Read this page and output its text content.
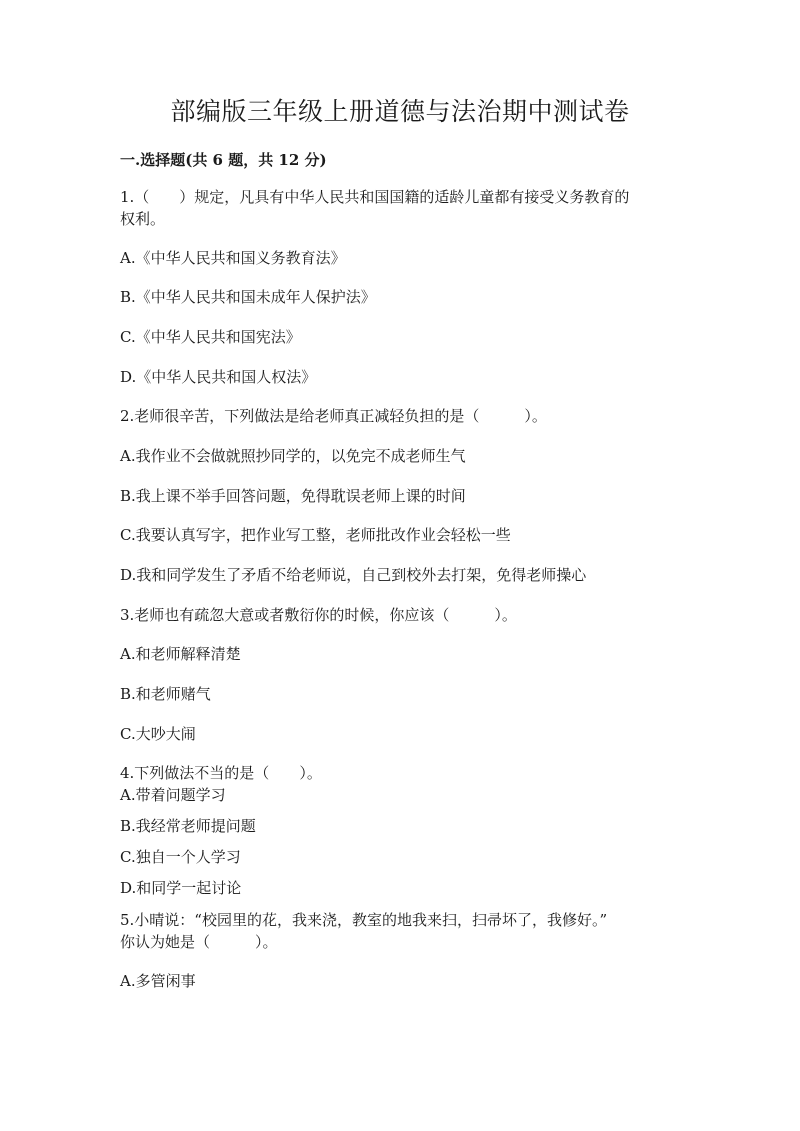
部编版三年级上册道德与法治期中测试卷
一.选择题(共 6 题，共 12 分)
1.（　　）规定，凡具有中华人民共和国国籍的适龄儿童都有接受义务教育的
权利。
A.《中华人民共和国义务教育法》
B.《中华人民共和国未成年人保护法》
C.《中华人民共和国宪法》
D.《中华人民共和国人权法》
2.老师很辛苦，下列做法是给老师真正减轻负担的是（　　　）。
A.我作业不会做就照抄同学的，以免完不成老师生气
B.我上课不举手回答问题，免得耽误老师上课的时间
C.我要认真写字，把作业写工整，老师批改作业会轻松一些
D.我和同学发生了矛盾不给老师说，自己到校外去打架，免得老师操心
3.老师也有疏忽大意或者敷衍你的时候，你应该（　　　）。
A.和老师解释清楚
B.和老师赌气
C.大吵大闹
4.下列做法不当的是（　　）。
A.带着问题学习
B.我经常老师提问题
C.独自一个人学习
D.和同学一起讨论
5.小晴说：“校园里的花，我来浇，教室的地我来扫，扫帚坏了，我修好。”
你认为她是（　　　）。
A.多管闲事
